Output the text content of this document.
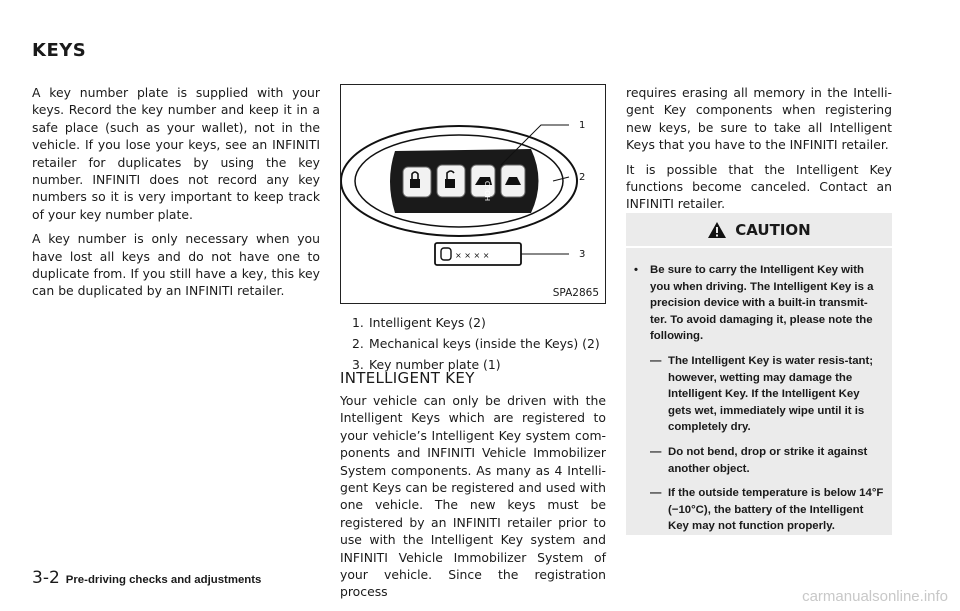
KEYS

A key number plate is supplied with your keys. Record the key number and keep it in a safe place (such as your wallet), not in the vehicle. If you lose your keys, see an INFINITI retailer for duplicates by using the key number. INFINITI does not record any key numbers so it is very important to keep track of your key number plate.

A key number is only necessary when you have lost all keys and do not have one to duplicate from. If you still have a key, this key can be duplicated by an INFINITI retailer.

HOLD
1
2
× × × ×	3
SPA2865
1. Intelligent Keys (2)
2. Mechanical keys (inside the Keys) (2)
3. Key number plate (1)
INTELLIGENT KEY
Your vehicle can only be driven with the Intelligent Keys which are registered to your vehicle’s Intelligent Key system com-ponents and INFINITI Vehicle Immobilizer System components. As many as 4 Intelli-gent Keys can be registered and used with one vehicle. The new keys must be registered by an INFINITI retailer prior to use with the Intelligent Key system and INFINITI Vehicle Immobilizer System of your vehicle. Since the registration process

requires erasing all memory in the Intelli-gent Key components when registering new keys, be sure to take all Intelligent Keys that you have to the INFINITI retailer.

It is possible that the Intelligent Key functions become canceled. Contact an INFINITI retailer.

CAUTION
•	Be sure to carry the Intelligent Key with you when driving. The Intelligent Key is a precision device with a built-in transmit-ter. To avoid damaging it, please note the following.
— The Intelligent Key is water resis-tant; however, wetting may damage the Intelligent Key. If the Intelligent Key gets wet, immediately wipe until it is completely dry.
— Do not bend, drop or strike it against another object.
— If the outside temperature is below 14°F (−10°C), the battery of the Intelligent Key may not function properly.
3-2 Pre-driving checks and adjustments
carmanualsonline.info
